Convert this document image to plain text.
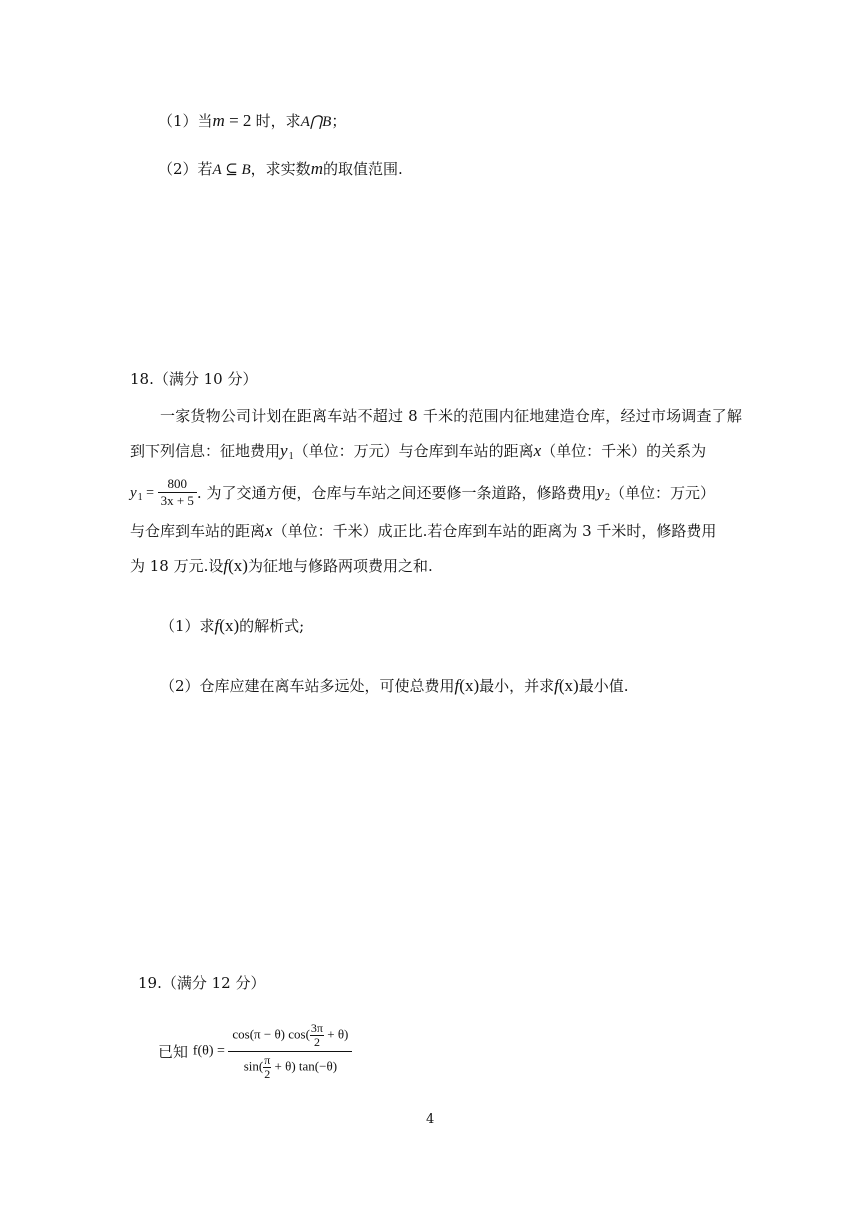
（1）当m = 2 时，求A⋂B；
（2）若A ⊆ B，求实数m的取值范围.
18.（满分 10 分）
一家货物公司计划在距离车站不超过 8 千米的范围内征地建造仓库，经过市场调查了解
到下列信息：征地费用$y_1$（单位：万元）与仓库到车站的距离x（单位：千米）的关系为
$y_1 = \frac{800}{3x + 5}$ . 为了交通方便，仓库与车站之间还要修一条道路，修路费用$y_2$（单位：万元）
与仓库到车站的距离x（单位：千米）成正比.若仓库到车站的距离为 3 千米时，修路费用
为 18 万元.设f(x)为征地与修路两项费用之和.
（1）求f(x)的解析式;
（2）仓库应建在离车站多远处，可使总费用f(x)最小，并求f(x)最小值.
19.（满分 12 分）
已知 $f(\theta) = \frac{\cos(\pi - \theta) \cos( \frac{3\pi}{2} + \theta)}{\sin( \frac{\pi}{2} + \theta) \tan(-\theta)}$
4
